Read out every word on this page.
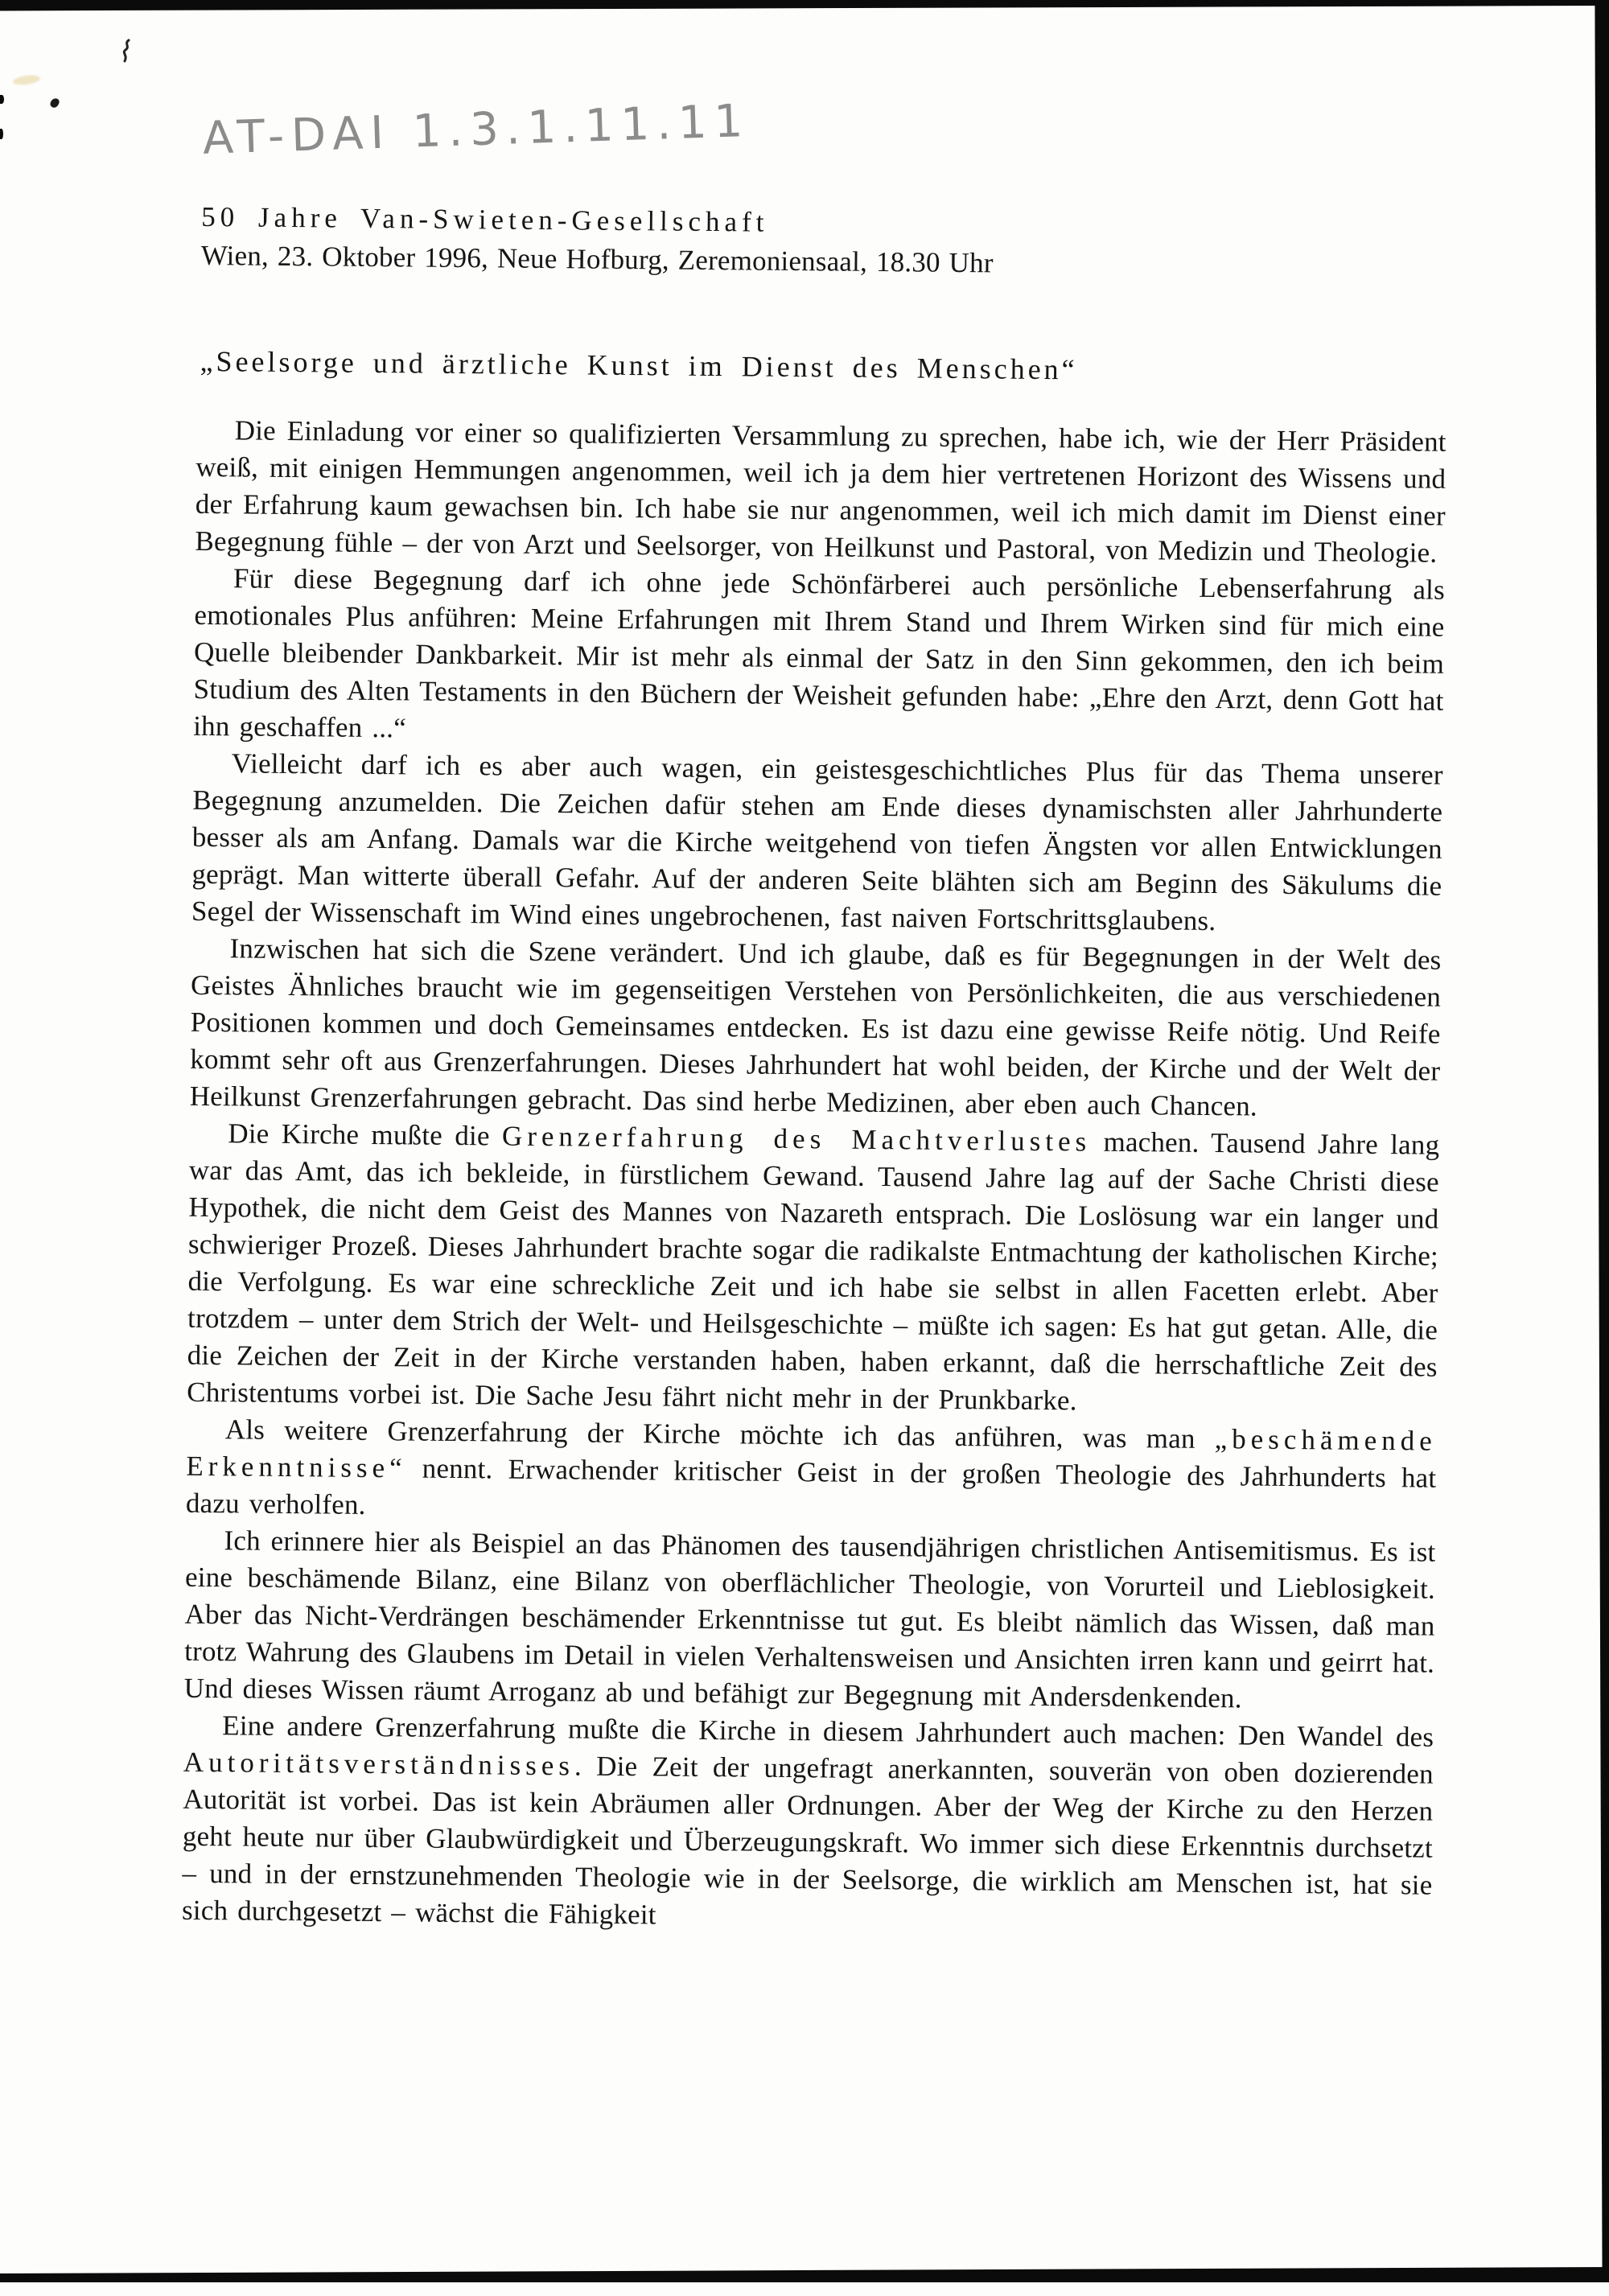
AT-DAI 1.3.1.11.11
50 Jahre Van-Swieten-Gesellschaft
Wien, 23. Oktober 1996, Neue Hofburg, Zeremoniensaal, 18.30 Uhr
„Seelsorge und ärztliche Kunst im Dienst des Menschen“

Die Einladung vor einer so qualifizierten Versammlung zu sprechen, habe ich, wie der Herr Präsident weiß, mit einigen Hemmungen angenommen, weil ich ja dem hier vertretenen Horizont des Wissens und der Erfahrung kaum gewachsen bin. Ich habe sie nur angenommen, weil ich mich damit im Dienst einer Begegnung fühle – der von Arzt und Seelsorger, von Heilkunst und Pastoral, von Medizin und Theologie.

Für diese Begegnung darf ich ohne jede Schönfärberei auch persönliche Lebenserfahrung als emotionales Plus anführen: Meine Erfahrungen mit Ihrem Stand und Ihrem Wirken sind für mich eine Quelle bleibender Dankbarkeit. Mir ist mehr als einmal der Satz in den Sinn gekommen, den ich beim Studium des Alten Testaments in den Büchern der Weisheit gefunden habe: „Ehre den Arzt, denn Gott hat ihn geschaffen ...“

Vielleicht darf ich es aber auch wagen, ein geistesgeschichtliches Plus für das Thema unserer Begegnung anzumelden. Die Zeichen dafür stehen am Ende dieses dynamischsten aller Jahrhunderte besser als am Anfang. Damals war die Kirche weitgehend von tiefen Ängsten vor allen Entwicklungen geprägt. Man witterte überall Gefahr. Auf der anderen Seite blähten sich am Beginn des Säkulums die Segel der Wissenschaft im Wind eines ungebrochenen, fast naiven Fortschrittsglaubens.

Inzwischen hat sich die Szene verändert. Und ich glaube, daß es für Begegnungen in der Welt des Geistes Ähnliches braucht wie im gegenseitigen Verstehen von Persönlichkeiten, die aus verschiedenen Positionen kommen und doch Gemeinsames entdecken. Es ist dazu eine gewisse Reife nötig. Und Reife kommt sehr oft aus Grenzerfahrungen. Dieses Jahrhundert hat wohl beiden, der Kirche und der Welt der Heilkunst Grenzerfahrungen gebracht. Das sind herbe Medizinen, aber eben auch Chancen.

Die Kirche mußte die Grenzerfahrung des Machtverlustes machen. Tausend Jahre lang war das Amt, das ich bekleide, in fürstlichem Gewand. Tausend Jahre lag auf der Sache Christi diese Hypothek, die nicht dem Geist des Mannes von Nazareth entsprach. Die Loslösung war ein langer und schwieriger Prozeß. Dieses Jahrhundert brachte sogar die radikalste Entmachtung der katholischen Kirche; die Verfolgung. Es war eine schreckliche Zeit und ich habe sie selbst in allen Facetten erlebt. Aber trotzdem – unter dem Strich der Welt- und Heilsgeschichte – müßte ich sagen: Es hat gut getan. Alle, die die Zeichen der Zeit in der Kirche verstanden haben, haben erkannt, daß die herrschaftliche Zeit des Christentums vorbei ist. Die Sache Jesu fährt nicht mehr in der Prunkbarke.

Als weitere Grenzerfahrung der Kirche möchte ich das anführen, was man „beschämende Erkenntnisse“ nennt. Erwachender kritischer Geist in der großen Theologie des Jahrhunderts hat dazu verholfen.

Ich erinnere hier als Beispiel an das Phänomen des tausendjährigen christlichen Antisemitismus. Es ist eine beschämende Bilanz, eine Bilanz von oberflächlicher Theologie, von Vorurteil und Lieblosigkeit. Aber das Nicht-Verdrängen beschämender Erkenntnisse tut gut. Es bleibt nämlich das Wissen, daß man trotz Wahrung des Glaubens im Detail in vielen Verhaltensweisen und Ansichten irren kann und geirrt hat. Und dieses Wissen räumt Arroganz ab und befähigt zur Begegnung mit Andersdenkenden.

Eine andere Grenzerfahrung mußte die Kirche in diesem Jahrhundert auch machen: Den Wandel des Autoritätsverständnisses. Die Zeit der ungefragt anerkannten, souverän von oben dozierenden Autorität ist vorbei. Das ist kein Abräumen aller Ordnungen. Aber der Weg der Kirche zu den Herzen geht heute nur über Glaubwürdigkeit und Überzeugungskraft. Wo immer sich diese Erkenntnis durchsetzt – und in der ernstzunehmenden Theologie wie in der Seelsorge, die wirklich am Menschen ist, hat sie sich durchgesetzt – wächst die Fähigkeit
